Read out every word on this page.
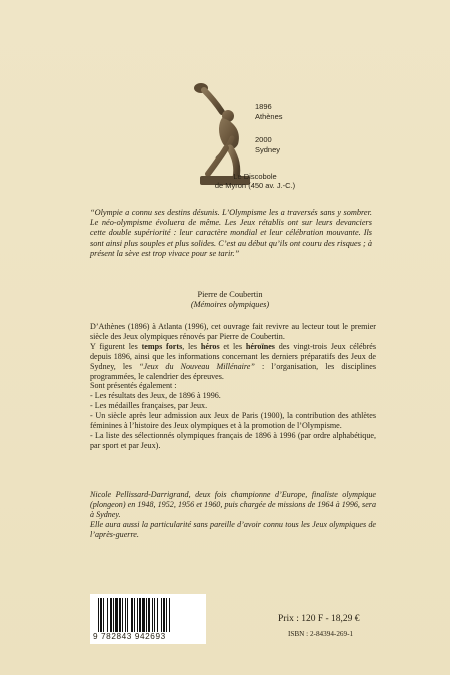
1896
Athènes
2000
Sydney
Le Discobole
de Myron (450 av. J.-C.)
“Olympie a connu ses destins désunis. L’Olympisme les a traversés sans y sombrer. Le néo-olympisme évoluera de même. Les Jeux rétablis ont sur leurs devanciers cette double supériorité : leur caractère mondial et leur célébration mouvante. Ils sont ainsi plus souples et plus solides. C’est au début qu’ils ont couru des risques ; à présent la sève est trop vivace pour se tarir.”
Pierre de Coubertin
(Mémoires olympiques)

D’Athènes (1896) à Atlanta (1996), cet ouvrage fait revivre au lecteur tout le premier siècle des Jeux olympiques rénovés par Pierre de Coubertin.

Y figurent les temps forts, les héros et les héroïnes des vingt-trois Jeux célébrés depuis 1896, ainsi que les informations concernant les derniers préparatifs des Jeux de Sydney, les “Jeux du Nouveau Millénaire” : l’organisation, les disciplines programmées, le calendrier des épreuves.

Sont présentés également :

- Les résultats des Jeux, de 1896 à 1996.

- Les médailles françaises, par Jeux.

- Un siècle après leur admission aux Jeux de Paris (1900), la contribution des athlètes féminines à l’histoire des Jeux olympiques et à la promotion de l’Olympisme.

- La liste des sélectionnés olympiques français de 1896 à 1996 (par ordre alphabétique, par sport et par Jeux).

Nicole Pellissard-Darrigrand, deux fois championne d’Europe, finaliste olympique (plongeon) en 1948, 1952, 1956 et 1960, puis chargée de missions de 1964 à 1996, sera à Sydney.

Elle aura aussi la particularité sans pareille d’avoir connu tous les Jeux olympiques de l’après-guerre.

9 782843 942693
Prix : 120 F - 18,29 €
ISBN : 2-84394-269-1
